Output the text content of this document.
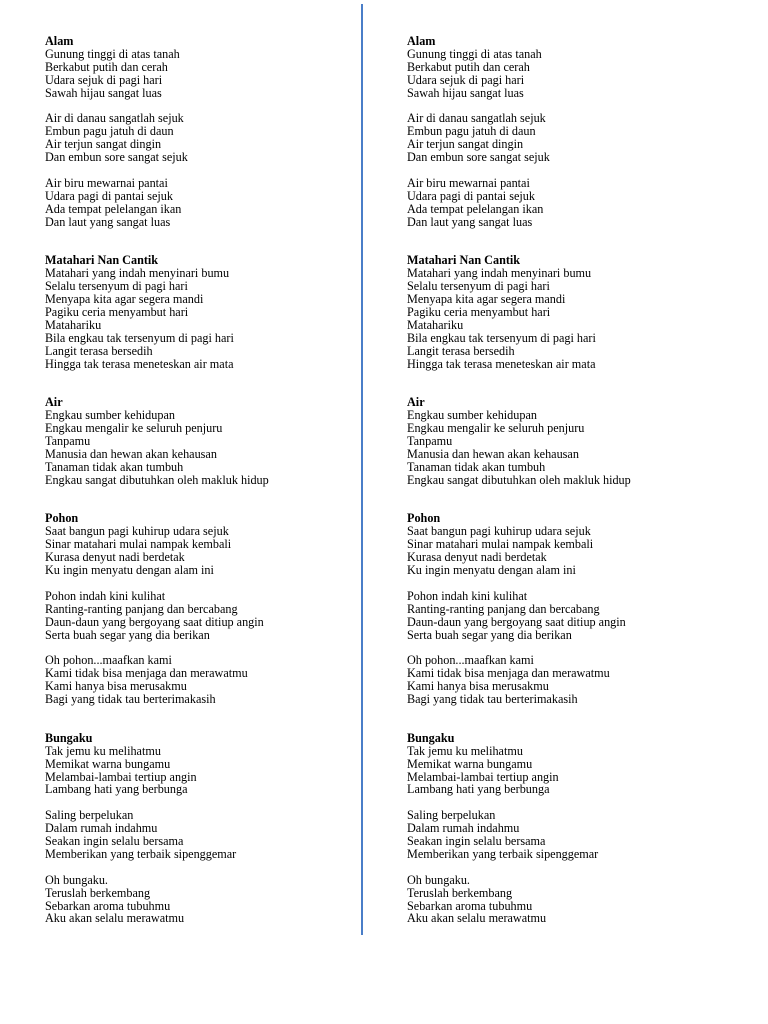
Alam
Gunung tinggi di atas tanah
Berkabut putih dan cerah
Udara sejuk di pagi hari
Sawah hijau sangat luas
Air di danau sangatlah sejuk
Embun pagu jatuh di daun
Air terjun sangat dingin
Dan embun sore sangat sejuk
Air biru mewarnai pantai
Udara pagi di pantai sejuk
Ada tempat pelelangan ikan
Dan laut yang sangat luas
Matahari Nan Cantik
Matahari yang indah menyinari bumu
Selalu tersenyum di pagi hari
Menyapa kita agar segera mandi
Pagiku ceria menyambut hari
Matahariku
Bila engkau tak tersenyum di pagi hari
Langit terasa bersedih
Hingga tak terasa meneteskan air mata
Air
Engkau sumber kehidupan
Engkau mengalir ke seluruh penjuru
Tanpamu
Manusia dan hewan akan kehausan
Tanaman tidak akan tumbuh
Engkau sangat dibutuhkan oleh makluk hidup
Pohon
Saat bangun pagi kuhirup udara sejuk
Sinar matahari mulai nampak kembali
Kurasa denyut nadi berdetak
Ku ingin menyatu dengan alam ini
Pohon indah kini kulihat
Ranting-ranting panjang dan bercabang
Daun-daun yang bergoyang saat ditiup angin
Serta buah segar yang dia berikan
Oh pohon...maafkan kami
Kami tidak bisa menjaga dan merawatmu
Kami hanya bisa merusakmu
Bagi yang tidak tau berterimakasih
Bungaku
Tak jemu ku melihatmu
Memikat warna bungamu
Melambai-lambai tertiup angin
Lambang hati yang berbunga
Saling berpelukan
Dalam rumah indahmu
Seakan ingin selalu bersama
Memberikan yang terbaik sipenggemar
Oh bungaku.
Teruslah berkembang
Sebarkan aroma tubuhmu
Aku akan selalu merawatmu
Alam
Gunung tinggi di atas tanah
Berkabut putih dan cerah
Udara sejuk di pagi hari
Sawah hijau sangat luas
Air di danau sangatlah sejuk
Embun pagu jatuh di daun
Air terjun sangat dingin
Dan embun sore sangat sejuk
Air biru mewarnai pantai
Udara pagi di pantai sejuk
Ada tempat pelelangan ikan
Dan laut yang sangat luas
Matahari Nan Cantik
Matahari yang indah menyinari bumu
Selalu tersenyum di pagi hari
Menyapa kita agar segera mandi
Pagiku ceria menyambut hari
Matahariku
Bila engkau tak tersenyum di pagi hari
Langit terasa bersedih
Hingga tak terasa meneteskan air mata
Air
Engkau sumber kehidupan
Engkau mengalir ke seluruh penjuru
Tanpamu
Manusia dan hewan akan kehausan
Tanaman tidak akan tumbuh
Engkau sangat dibutuhkan oleh makluk hidup
Pohon
Saat bangun pagi kuhirup udara sejuk
Sinar matahari mulai nampak kembali
Kurasa denyut nadi berdetak
Ku ingin menyatu dengan alam ini
Pohon indah kini kulihat
Ranting-ranting panjang dan bercabang
Daun-daun yang bergoyang saat ditiup angin
Serta buah segar yang dia berikan
Oh pohon...maafkan kami
Kami tidak bisa menjaga dan merawatmu
Kami hanya bisa merusakmu
Bagi yang tidak tau berterimakasih
Bungaku
Tak jemu ku melihatmu
Memikat warna bungamu
Melambai-lambai tertiup angin
Lambang hati yang berbunga
Saling berpelukan
Dalam rumah indahmu
Seakan ingin selalu bersama
Memberikan yang terbaik sipenggemar
Oh bungaku.
Teruslah berkembang
Sebarkan aroma tubuhmu
Aku akan selalu merawatmu
